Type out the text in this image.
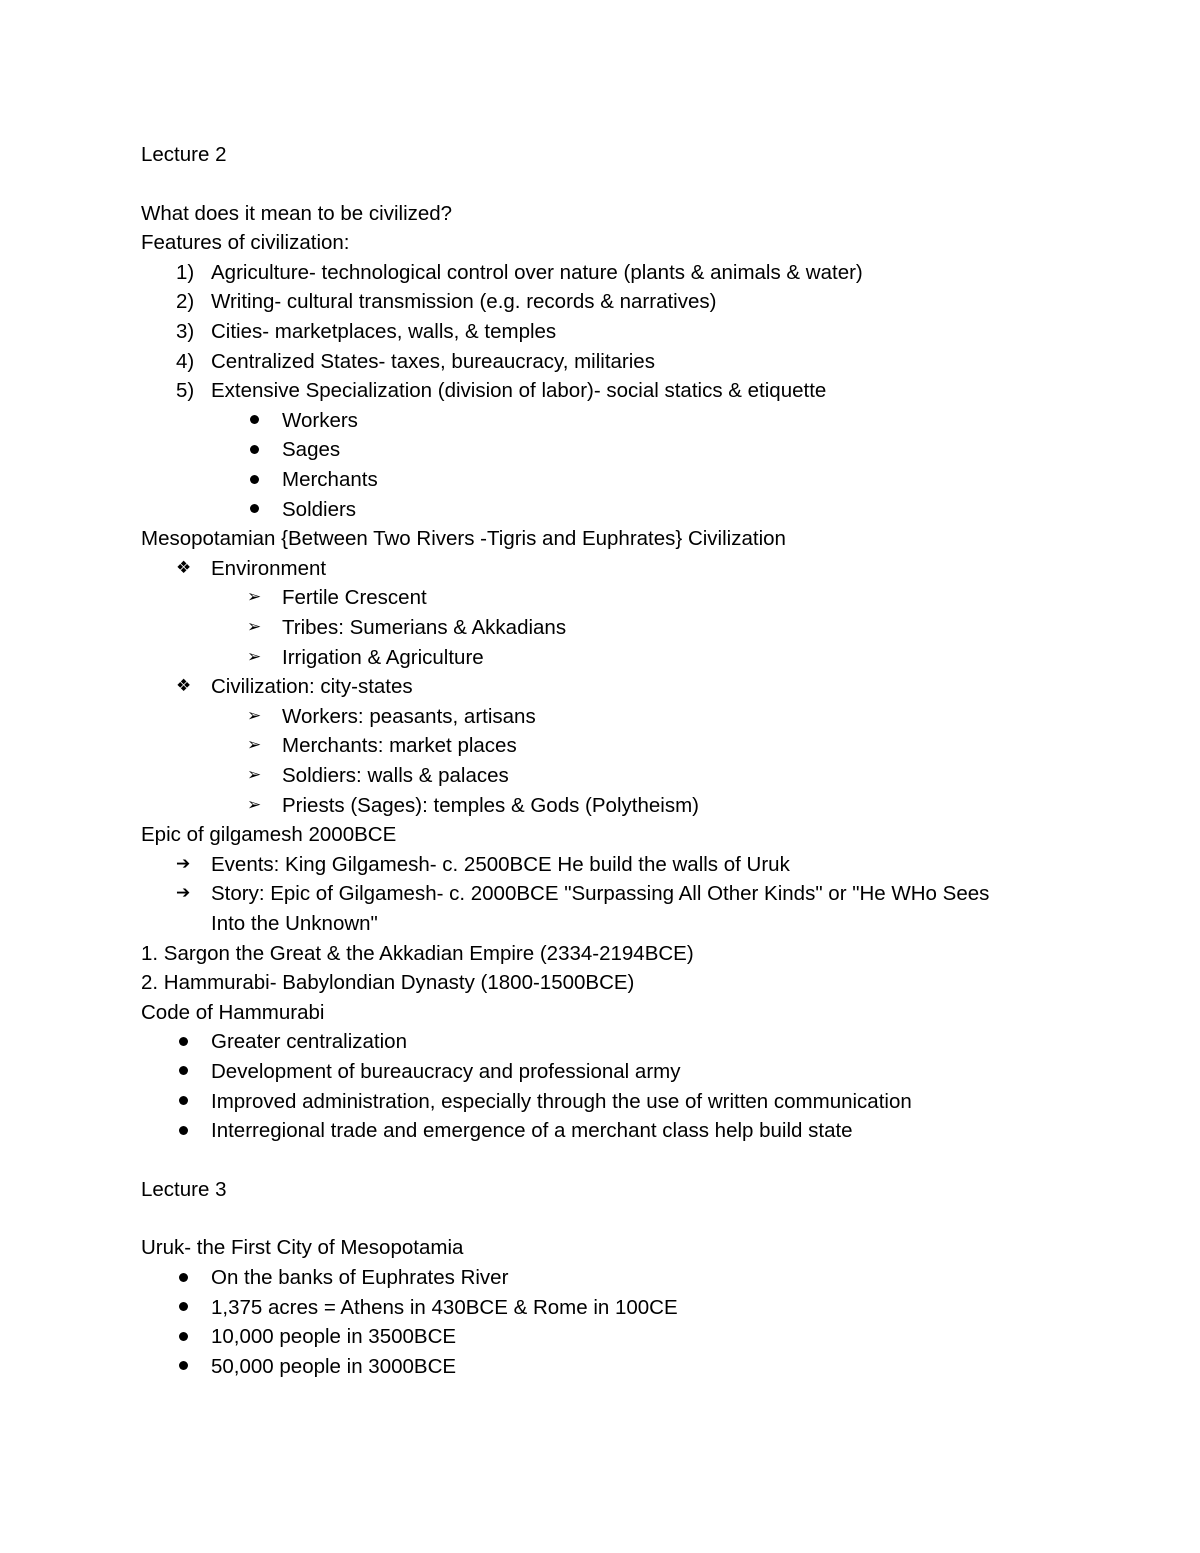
Lecture 2
What does it mean to be civilized?
Features of civilization:
1) Agriculture- technological control over nature (plants & animals & water)
2) Writing- cultural transmission (e.g. records & narratives)
3) Cities- marketplaces, walls, & temples
4) Centralized States- taxes, bureaucracy, militaries
5) Extensive Specialization (division of labor)- social statics & etiquette
Workers
Sages
Merchants
Soldiers
Mesopotamian {Between Two Rivers -Tigris and Euphrates} Civilization
❖ Environment
➢ Fertile Crescent
➢ Tribes: Sumerians & Akkadians
➢ Irrigation & Agriculture
❖ Civilization: city-states
➢ Workers: peasants, artisans
➢ Merchants: market places
➢ Soldiers: walls & palaces
➢ Priests (Sages): temples & Gods (Polytheism)
Epic of gilgamesh 2000BCE
➔ Events: King Gilgamesh- c. 2500BCE He build the walls of Uruk
➔ Story: Epic of Gilgamesh- c. 2000BCE "Surpassing All Other Kinds" or "He WHo Sees
Into the Unknown"
1. Sargon the Great & the Akkadian Empire (2334-2194BCE)
2. Hammurabi- Babylondian Dynasty (1800-1500BCE)
Code of Hammurabi
Greater centralization
Development of bureaucracy and professional army
Improved administration, especially through the use of written communication
Interregional trade and emergence of a merchant class help build state
Lecture 3
Uruk- the First City of Mesopotamia
On the banks of Euphrates River
1,375 acres = Athens in 430BCE & Rome in 100CE
10,000 people in 3500BCE
50,000 people in 3000BCE
